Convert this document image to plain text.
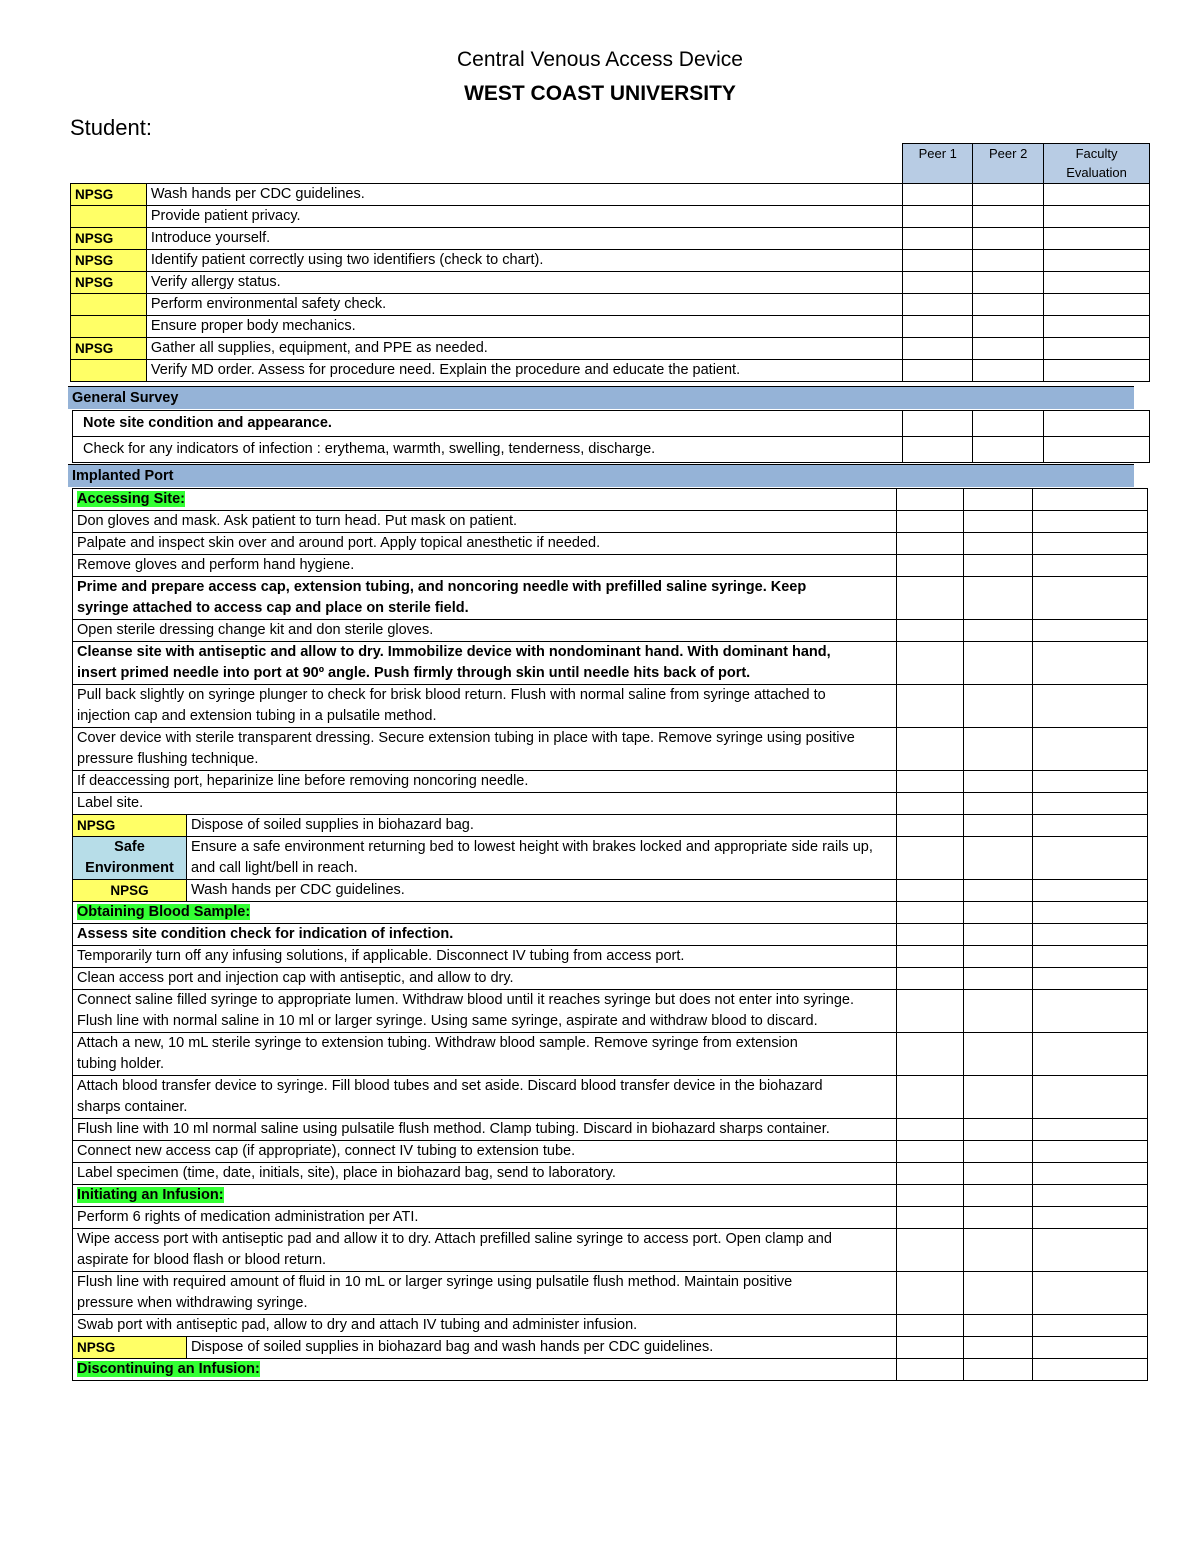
Central Venous Access Device
WEST COAST UNIVERSITY
Student:
		Peer 1	Peer 2	Faculty Evaluation
NPSG	Wash hands per CDC guidelines.			
	Provide patient privacy.			
NPSG	Introduce yourself.			
NPSG	Identify patient correctly using two identifiers (check to chart).			
NPSG	Verify allergy status.			
	Perform environmental safety check.			
	Ensure proper body mechanics.			
NPSG	Gather all supplies, equipment, and PPE as needed.			
	Verify MD order. Assess for procedure need. Explain the procedure and educate the patient.			
General Survey
Note site condition and appearance.			
Check for any indicators of infection : erythema, warmth, swelling, tenderness, discharge.			
Implanted Port
Accessing Site:				
Don gloves and mask. Ask patient to turn head. Put mask on patient.				
Palpate and inspect skin over and around port. Apply topical anesthetic if needed.				
Remove gloves and perform hand hygiene.				
Prime and prepare access cap, extension tubing, and noncoring needle with prefilled saline syringe. Keep syringe attached to access cap and place on sterile field.				
Open sterile dressing change kit and don sterile gloves.				
Cleanse site with antiseptic and allow to dry. Immobilize device with nondominant hand. With dominant hand, insert primed needle into port at 90º angle. Push firmly through skin until needle hits back of port.				
Pull back slightly on syringe plunger to check for brisk blood return. Flush with normal saline from syringe attached to injection cap and extension tubing in a pulsatile method.				
Cover device with sterile transparent dressing. Secure extension tubing in place with tape. Remove syringe using positive pressure flushing technique.				
If deaccessing port, heparinize line before removing noncoring needle.				
Label site.				
NPSG	Dispose of soiled supplies in biohazard bag.			
Safe Environment	Ensure a safe environment returning bed to lowest height with brakes locked and appropriate side rails up, and call light/bell in reach.			
NPSG	Wash hands per CDC guidelines.			
Obtaining Blood Sample:				
Assess site condition check for indication of infection.				
Temporarily turn off any infusing solutions, if applicable. Disconnect IV tubing from access port.				
Clean access port and injection cap with antiseptic, and allow to dry.				
Connect saline filled syringe to appropriate lumen. Withdraw blood until it reaches syringe but does not enter into syringe. Flush line with normal saline in 10 ml or larger syringe. Using same syringe, aspirate and withdraw blood to discard.				
Attach a new, 10 mL sterile syringe to extension tubing. Withdraw blood sample. Remove syringe from extension tubing holder.				
Attach blood transfer device to syringe. Fill blood tubes and set aside. Discard blood transfer device in the biohazard sharps container.				
Flush line with 10 ml normal saline using pulsatile flush method. Clamp tubing. Discard in biohazard sharps container.				
Connect new access cap (if appropriate), connect IV tubing to extension tube.				
Label specimen (time, date, initials, site), place in biohazard bag, send to laboratory.				
Initiating an Infusion:				
Perform 6 rights of medication administration per ATI.				
Wipe access port with antiseptic pad and allow it to dry. Attach prefilled saline syringe to access port. Open clamp and aspirate for blood flash or blood return.				
Flush line with required amount of fluid in 10 mL or larger syringe using pulsatile flush method. Maintain positive pressure when withdrawing syringe.				
Swab port with antiseptic pad, allow to dry and attach IV tubing and administer infusion.				
NPSG	Dispose of soiled supplies in biohazard bag and wash hands per CDC guidelines.			
Discontinuing an Infusion:				
